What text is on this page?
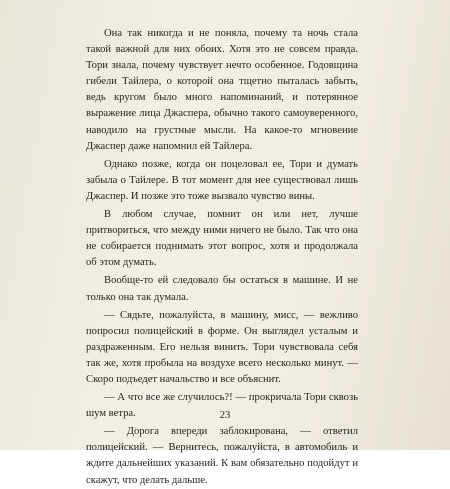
Она так никогда и не поняла, почему та ночь стала такой важной для них обоих. Хотя это не совсем правда. Тори знала, почему чувствует нечто особенное. Годовщина гибели Тайлера, о которой она тщетно пыталась забыть, ведь кругом было много напоминаний, и потерянное выражение лица Джаспера, обычно такого самоуверенного, наводило на грустные мысли. На какое-то мгновение Джаспер даже напомнил ей Тайлера.

Однако позже, когда он поцеловал ее, Тори и думать забыла о Тайлере. В тот момент для нее существовал лишь Джаспер. И позже это тоже вызвало чувство вины.

В любом случае, помнит он или нет, лучше притвориться, что между ними ничего не было. Так что она не собирается поднимать этот вопрос, хотя и продолжала об этом думать.

Вообще-то ей следовало бы остаться в машине. И не только она так думала.

— Сядьте, пожалуйста, в машину, мисс, — вежливо попросил полицейский в форме. Он выглядел усталым и раздраженным. Его нельзя винить. Тори чувствовала себя так же, хотя пробыла на воздухе всего несколько минут. — Скоро подъедет начальство и все объяснит.

— А что все же случилось?! — прокричала Тори сквозь шум ветра.

— Дорога впереди заблокирована, — ответил полицейский. — Вернитесь, пожалуйста, в автомобиль и ждите дальнейших указаний. К вам обязательно подойдут и скажут, что делать дальше.

23
